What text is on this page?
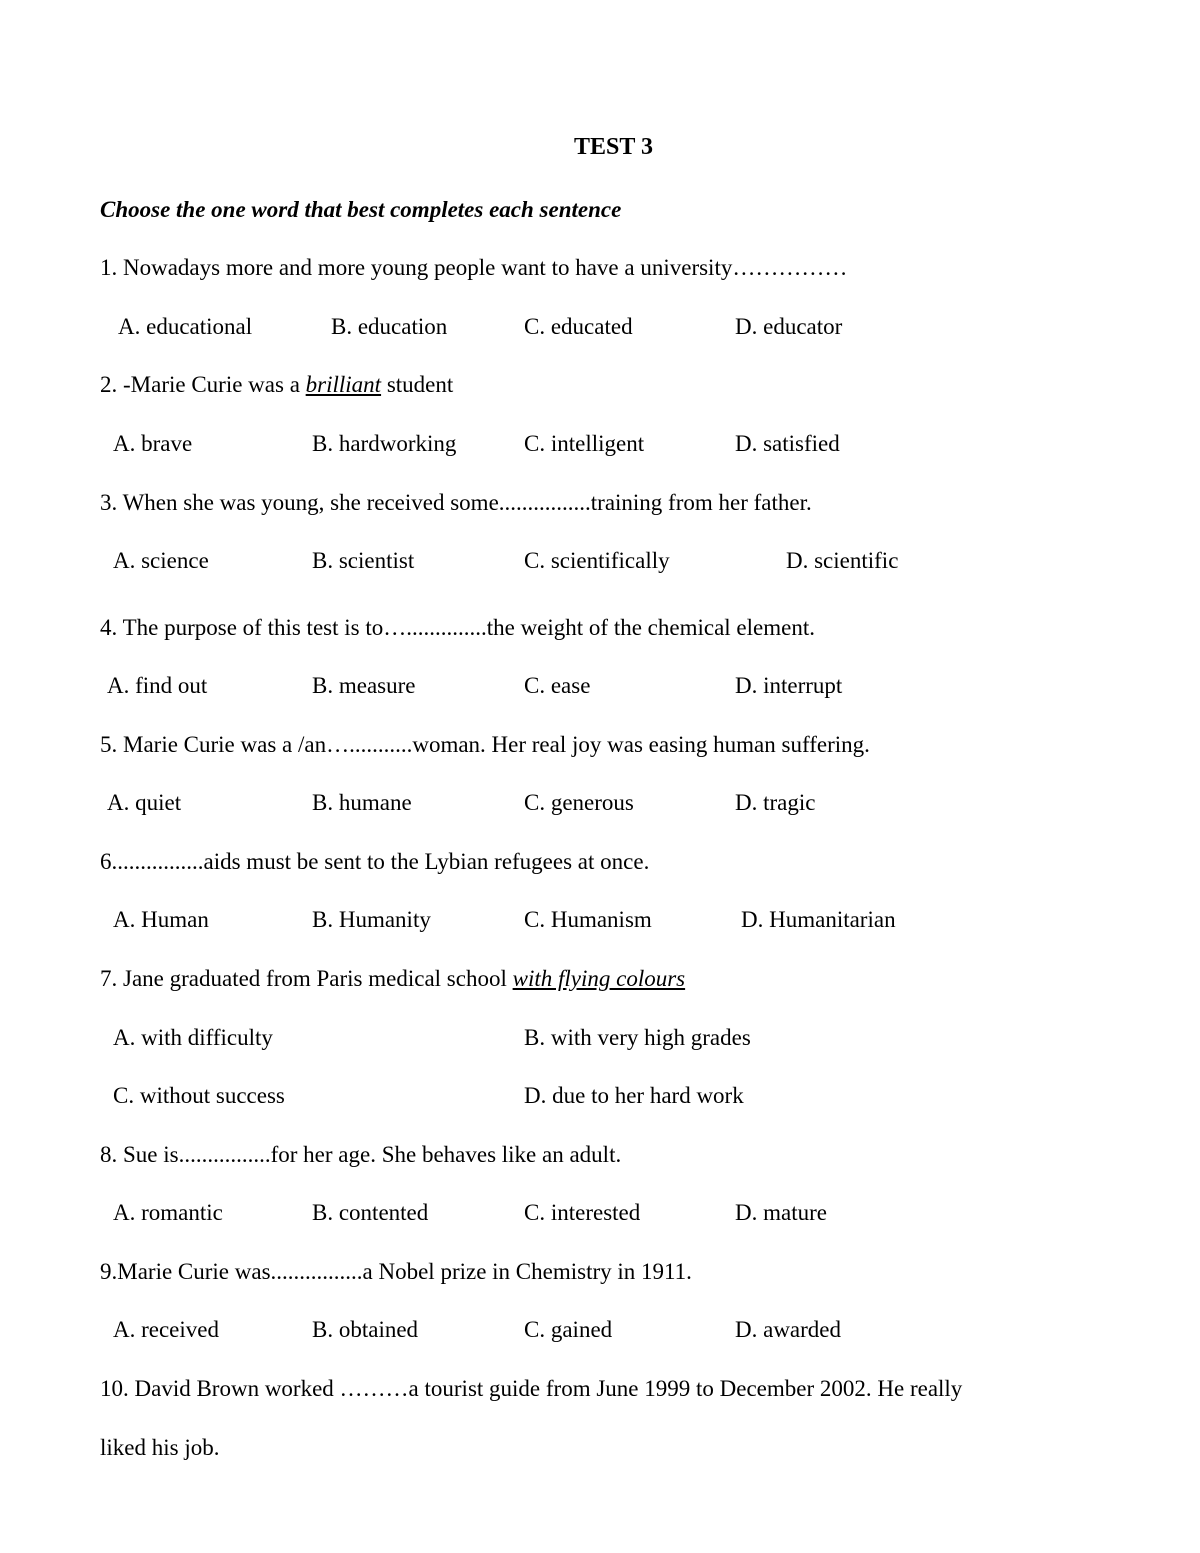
TEST 3
Choose the one word that best completes each sentence
1. Nowadays more and more young people want to have a university……………
A. educational	B. education	C. educated	D. educator
2. -Marie Curie was a brilliant student
A. brave	B. hardworking	C. intelligent	D. satisfied
3. When she was young, she received some................training from her father.
A. science	B. scientist	C. scientifically	D. scientific
4. The purpose of this test is to…..............the weight of the chemical element.
A. find out	B. measure	C. ease	D. interrupt
5. Marie Curie was a /an…...........woman. Her real joy was easing human suffering.
A. quiet	B. humane	C. generous	D. tragic
6................aids must be sent to the Lybian refugees at once.
A. Human	B. Humanity	C. Humanism	D. Humanitarian
7. Jane graduated from Paris medical school with flying colours
A. with difficulty	B. with very high grades
C. without success	D. due to her hard work
8. Sue is................for her age. She behaves like an adult.
A. romantic	B. contented	C. interested	D. mature
9.Marie Curie was................a Nobel prize in Chemistry in 1911.
A. received	B. obtained	C. gained	D. awarded
10. David Brown worked ………a tourist guide from June 1999 to December 2002. He really
liked his job.
